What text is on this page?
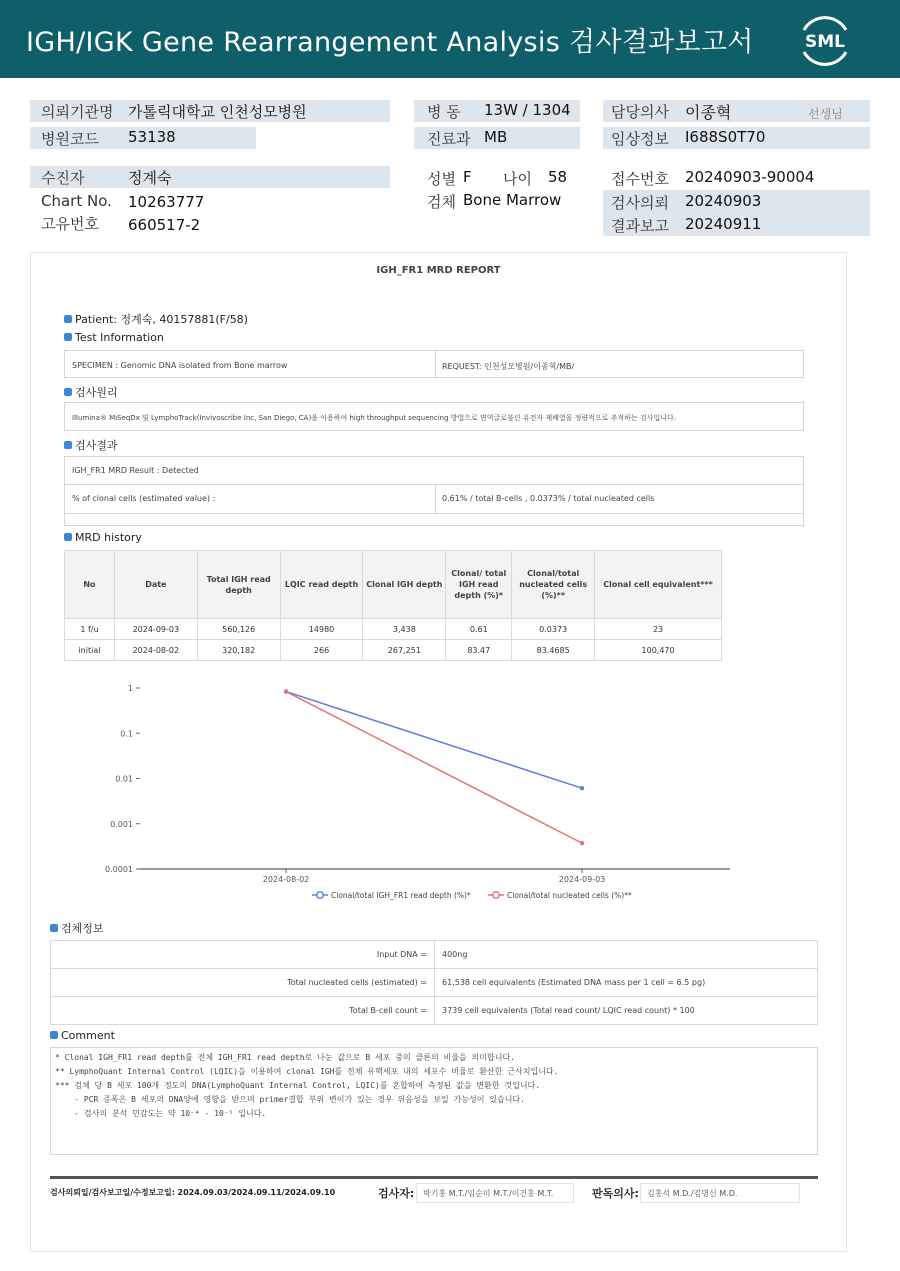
IGH/IGK Gene Rearrangement Analysis 검사결과보고서	SML
의뢰기관명 가톨릭대학교 인천성모병원
병원코드 53138
병 동 13W / 1304
진료과 MB
담당의사 이종혁	선생님
임상정보 I688S0T70
수진자	정계숙
Chart No. 10263777
고유번호 660517-2
성별 F 나이 58
검체 Bone Marrow
접수번호 20240903-90004
검사의뢰 20240903
결과보고 20240911
IGH_FR1 MRD REPORT
Patient: 정계숙, 40157881(F/58)
Test Information
SPECIMEN : Genomic DNA isolated from Bone marrow	REQUEST: 인천성모병원/이종혁/MB/
검사원리
Illumina® MiSeqDx 및 LymphoTrack(Invivoscribe Inc, San Diego, CA)을 이용하여 high throughput sequencing 방법으로 면역글로불린 유전자 재배열을 정량적으로 추적하는 검사입니다.
검사결과
IGH_FR1 MRD Result : Detected
% of clonal cells (estimated value) :	0.61% / total B-cells , 0.0373% / total nucleated cells
MRD history
No	Date	Total IGH read depth	LQIC read depth	Clonal IGH depth	Clonal/ total IGH read depth (%)*	Clonal/total nucleated cells (%)**	Clonal cell equivalent***
1 f/u	2024-09-03	560,126	14980	3,438	0.61	0.0373	23
initial	2024-08-02	320,182	266	267,251	83.47	83.4685	100,470
1
0.1
0.01
0.001
0.0001
2024-08-02	2024-09-03
Clonal/total IGH_FR1 read depth (%)*	Clonal/total nucleated cells (%)**
검체정보
Input DNA =	400ng
Total nucleated cells (estimated) =	61,538 cell equivalents (Estimated DNA mass per 1 cell = 6.5 pg)
Total B-cell count =	3739 cell equivalents (Total read count/ LQIC read count) * 100
Comment
* Clonal IGH_FR1 read depth를 전체 IGH_FR1 read depth로 나눈 값으로 B 세포 중의 클론의 비율을 의미합니다.
** LymphoQuant Internal Control (LQIC)을 이용하여 clonal IGH를 전체 유핵세포 내의 세포수 비율로 환산한 근사치입니다.
*** 검체 당 B 세포 100개 정도의 DNA(LymphoQuant Internal Control, LQIC)를 혼합하여 측정된 값을 변환한 것입니다.
- PCR 증폭은 B 세포의 DNA양에 영향을 받으며 primer결합 부위 변이가 있는 경우 위음성을 보일 가능성이 있습니다.
- 검사의 분석 민감도는 약 10⁻⁴ - 10⁻⁵ 입니다.
검사의뢰일/검사보고일/수정보고일: 2024.09.03/2024.09.11/2024.09.10	검사자:	박기홍 M.T./임순미 M.T./이건홍 M.T.	판독의사:	김홍석 M.D./김명신 M.D.
